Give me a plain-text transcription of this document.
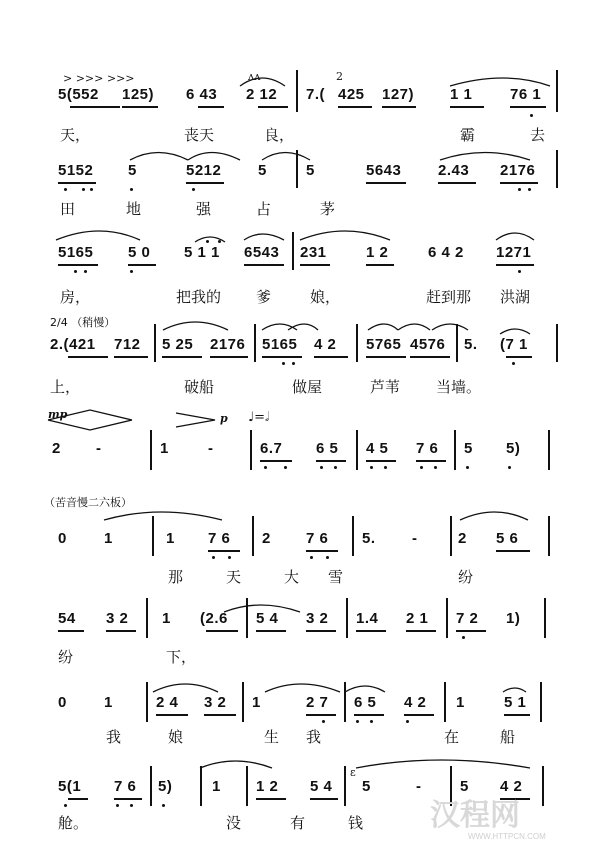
> >>> >>>	ʌʌ	2
5(552 125) 6 43 2 12 7.( 425 127) 1 1	76 1
天，	丧天	良，	霸	去
5152 5	5212 5	5	5643 2.43 2176
田	地	强	占	茅
5165 5 0 5 1 1 6543 231	1 2	6 4 2 1271
房，	把我的 爹	娘，	赶到那 洪湖
2/4 （稍慢）
2.(421 712 5 25 2176 5165 4 2 5765 4576 5. (7 1
上，	破船	做屋	芦苇 当墙。
mp	p ♩=𝅗𝅥
2 -	1	-	6.7 6 5 4 5 7 6 5 5)
（苦音慢二六板）
0 1	1 7 6 2 7 6 5. -	2 5 6
那	天	大 雪	纷
54 3 2 1 (2.6 5 4 3 2 1.4 2 1 7 2 1)
纷	下，
0 1	2 4 3 2 1	2 7 6 5 4 2 1	5 1
我	娘	生 我	在	船
ɛ
5(1 7 6 5)	1 1 2 5 4 5	-	5 4 2
舱。	没	有	钱 汉程网
WWW.HTTPCN.COM
